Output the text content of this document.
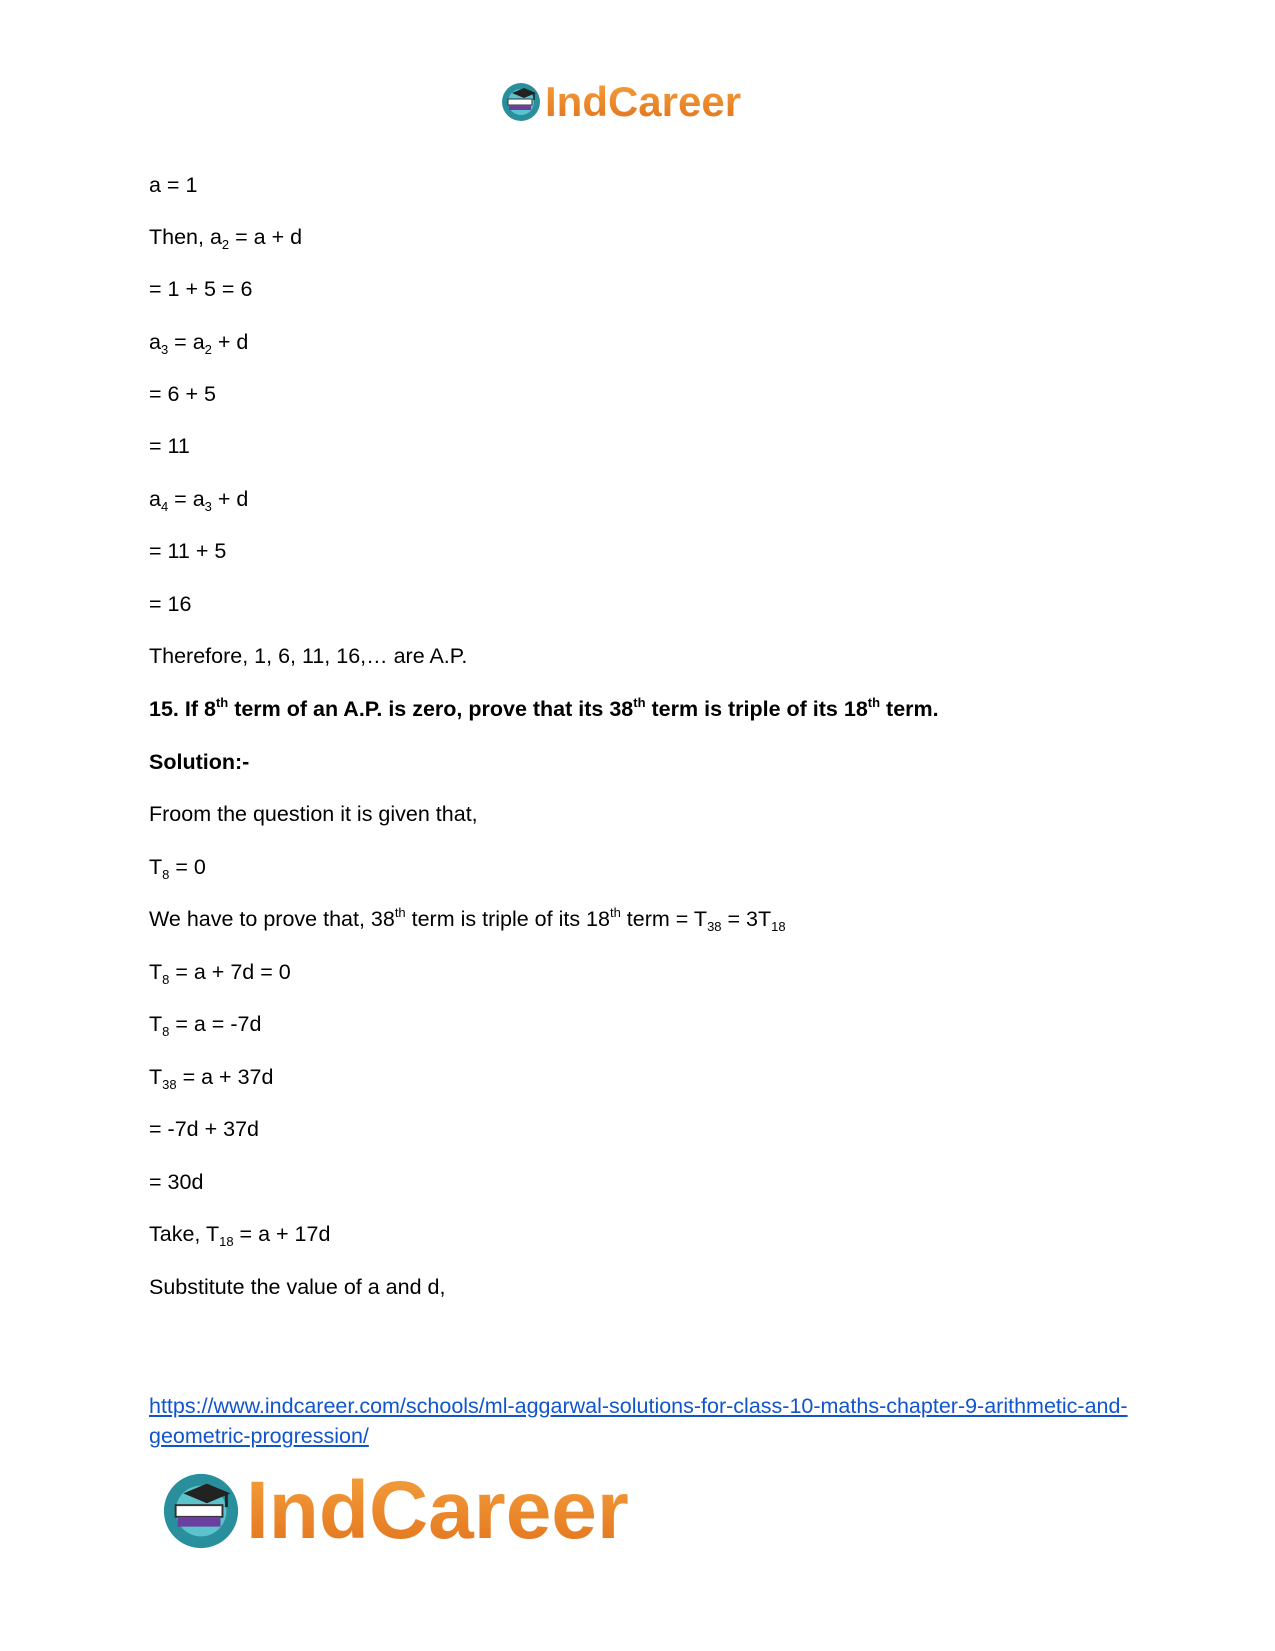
IndCareer
a = 1
Then, $a_2 = a + d$
= 1 + 5 = 6
$a_3 = a_2 + d$
= 6 + 5
= 11
$a_4 = a_3 + d$
= 11 + 5
= 16
Therefore, 1, 6, 11, 16,… are A.P.
15. If 8th term of an A.P. is zero, prove that its 38th term is triple of its 18th term.
Solution:-
Froom the question it is given that,
$T_8 = 0$
We have to prove that, 38th term is triple of its 18th term = $T_{38} = 3T_{18}$
$T_8 = a + 7d = 0$
$T_8 = a = -7d$
$T_{38} = a + 37d$
= -7d + 37d
= 30d
Take, $T_{18} = a + 17d$
Substitute the value of a and d,
https://www.indcareer.com/schools/ml-aggarwal-solutions-for-class-10-maths-chapter-9-arithmetic-and-geometric-progression/
IndCareer
